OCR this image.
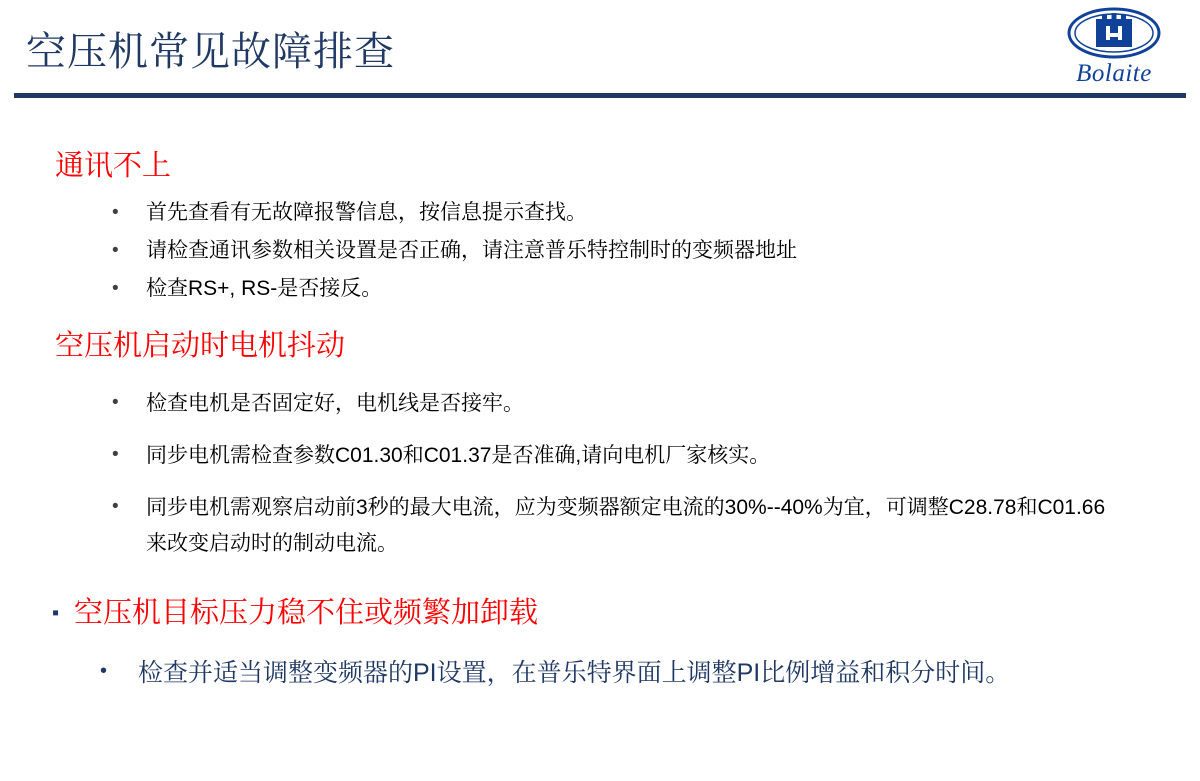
空压机常见故障排查	Bolaite
通讯不上
•	首先查看有无故障报警信息，按信息提示查找。
•	请检查通讯参数相关设置是否正确，请注意普乐特控制时的变频器地址
•	检查RS+, RS-是否接反。
空压机启动时电机抖动
•	检查电机是否固定好，电机线是否接牢。
•	同步电机需检查参数C01.30和C01.37是否准确,请向电机厂家核实。
•	同步电机需观察启动前3秒的最大电流，应为变频器额定电流的30%--40%为宜，可调整C28.78和C01.66来改变启动时的制动电流。
▪ 空压机目标压力稳不住或频繁加卸载
•	检查并适当调整变频器的PI设置，在普乐特界面上调整PI比例增益和积分时间。
